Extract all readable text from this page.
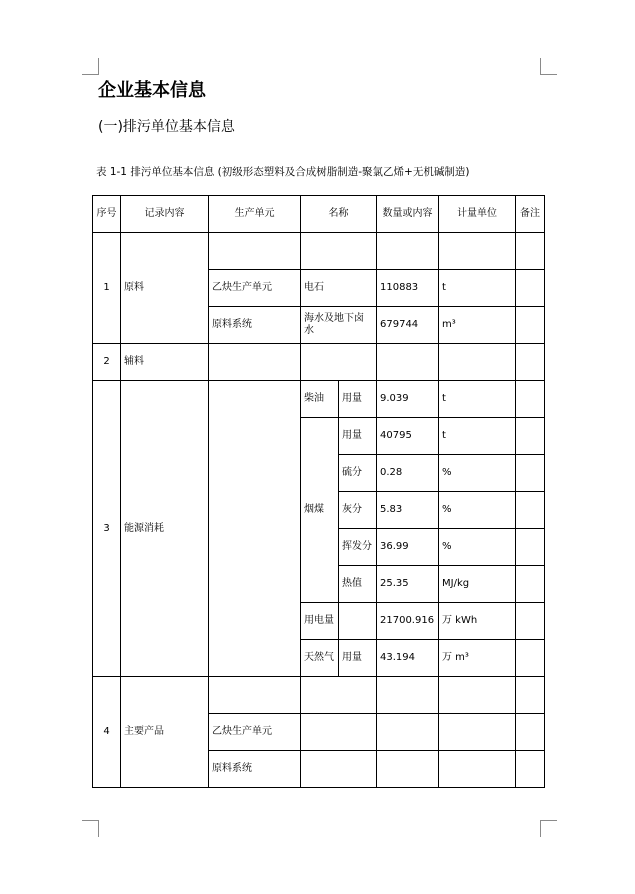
企业基本信息
(一)排污单位基本信息
表 1-1 排污单位基本信息 (初级形态塑料及合成树脂制造-聚氯乙烯+无机碱制造)
序号	记录内容	生产单元	名称		数量或内容	计量单位	备注
1	原料						
		乙炔生产单元	电石		110883	t	
		原料系统	海水及地下卤水		679744	m³	
2	辅料						
3	能源消耗		柴油	用量	9.039	t	
			烟煤	用量	40795	t	
				硫分	0.28	%	
				灰分	5.83	%	
				挥发分	36.99	%	
				热值	25.35	MJ/kg	
			用电量		21700.916	万 kWh	
			天然气	用量	43.194	万 m³	
4	主要产品						
		乙炔生产单元					
		原料系统					
